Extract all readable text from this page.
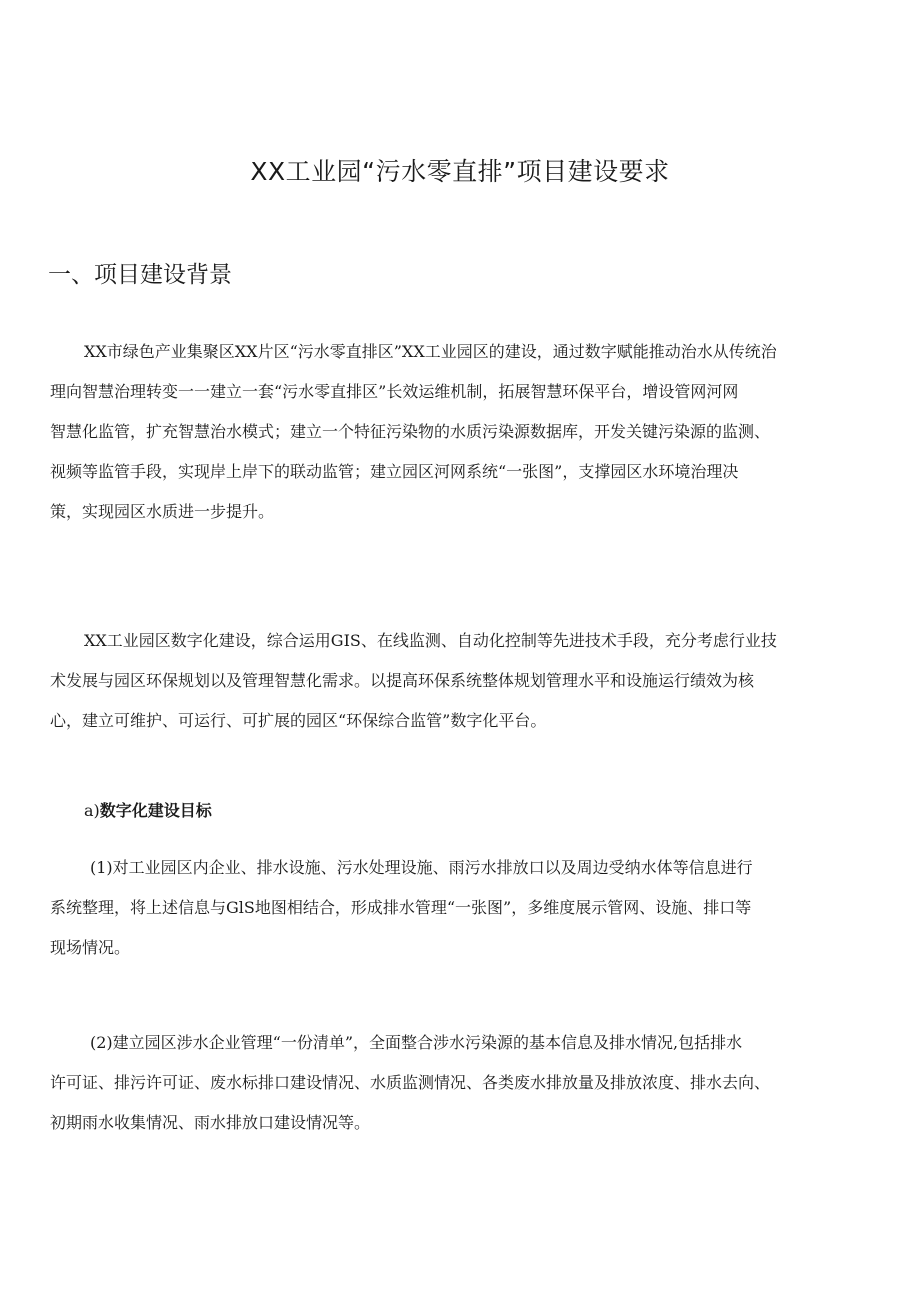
XX工业园“污水零直排”项目建设要求
一、项目建设背景

XX市绿色产业集聚区XX片区“污水零直排区”XX工业园区的建设，通过数字赋能推动治水从传统治
理向智慧治理转变一一建立一套“污水零直排区”长效运维机制，拓展智慧环保平台，增设管网河网
智慧化监管，扩充智慧治水模式；建立一个特征污染物的水质污染源数据库，开发关键污染源的监测、
视频等监管手段，实现岸上岸下的联动监管；建立园区河网系统“一张图”，支撑园区水环境治理决
策，实现园区水质进一步提升。

XX工业园区数字化建设，综合运用GIS、在线监测、自动化控制等先进技术手段，充分考虑行业技
术发展与园区环保规划以及管理智慧化需求。以提高环保系统整体规划管理水平和设施运行绩效为核
心，建立可维护、可运行、可扩展的园区“环保综合监管”数字化平台。

a)数字化建设目标

(1)对工业园区内企业、排水设施、污水处理设施、雨污水排放口以及周边受纳水体等信息进行
系统整理，将上述信息与GlS地图相结合，形成排水管理“一张图”，多维度展示管网、设施、排口等
现场情况。

(2)建立园区涉水企业管理“一份清单”，全面整合涉水污染源的基本信息及排水情况,包括排水
许可证、排污许可证、废水标排口建设情况、水质监测情况、各类废水排放量及排放浓度、排水去向、
初期雨水收集情况、雨水排放口建设情况等。
